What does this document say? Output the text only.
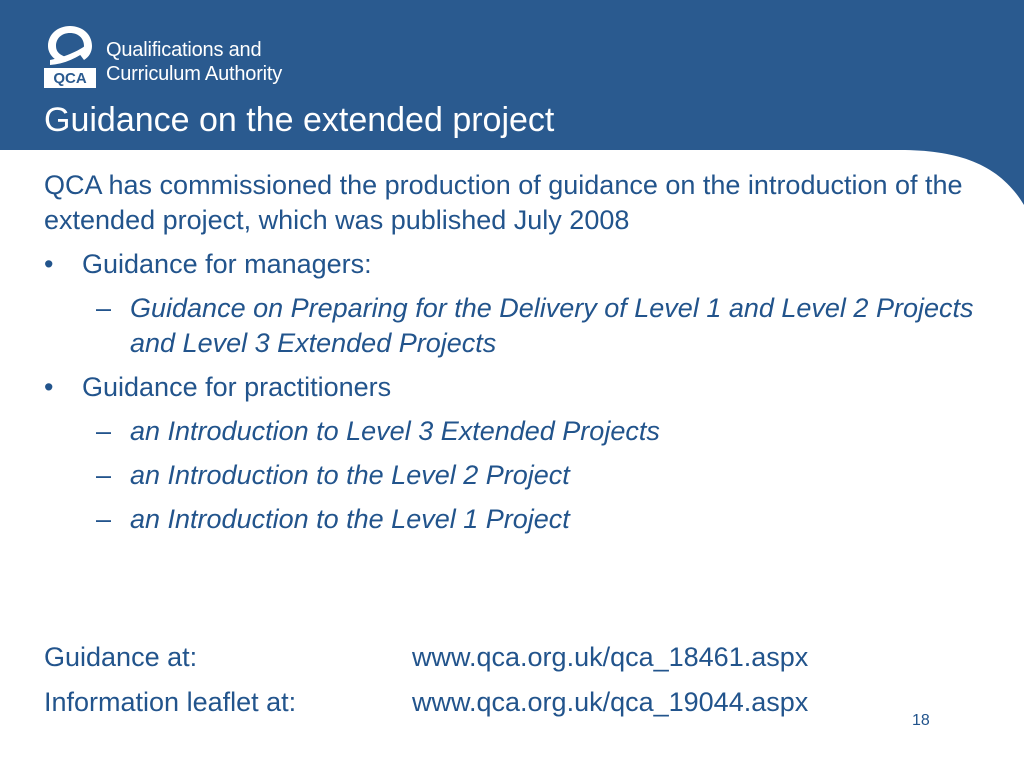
QCA
Qualifications and
Curriculum Authority
Guidance on the extended project

QCA has commissioned the production of guidance on the introduction of the extended project, which was published July 2008

•	Guidance for managers:
– Guidance on Preparing for the Delivery of Level 1 and Level 2 Projects and Level 3 Extended Projects
•	Guidance for practitioners
– an Introduction to Level 3 Extended Projects
– an Introduction to the Level 2 Project
– an Introduction to the Level 1 Project
Guidance at:	www.qca.org.uk/qca_18461.aspx
Information leaflet at:	www.qca.org.uk/qca_19044.aspx
18
